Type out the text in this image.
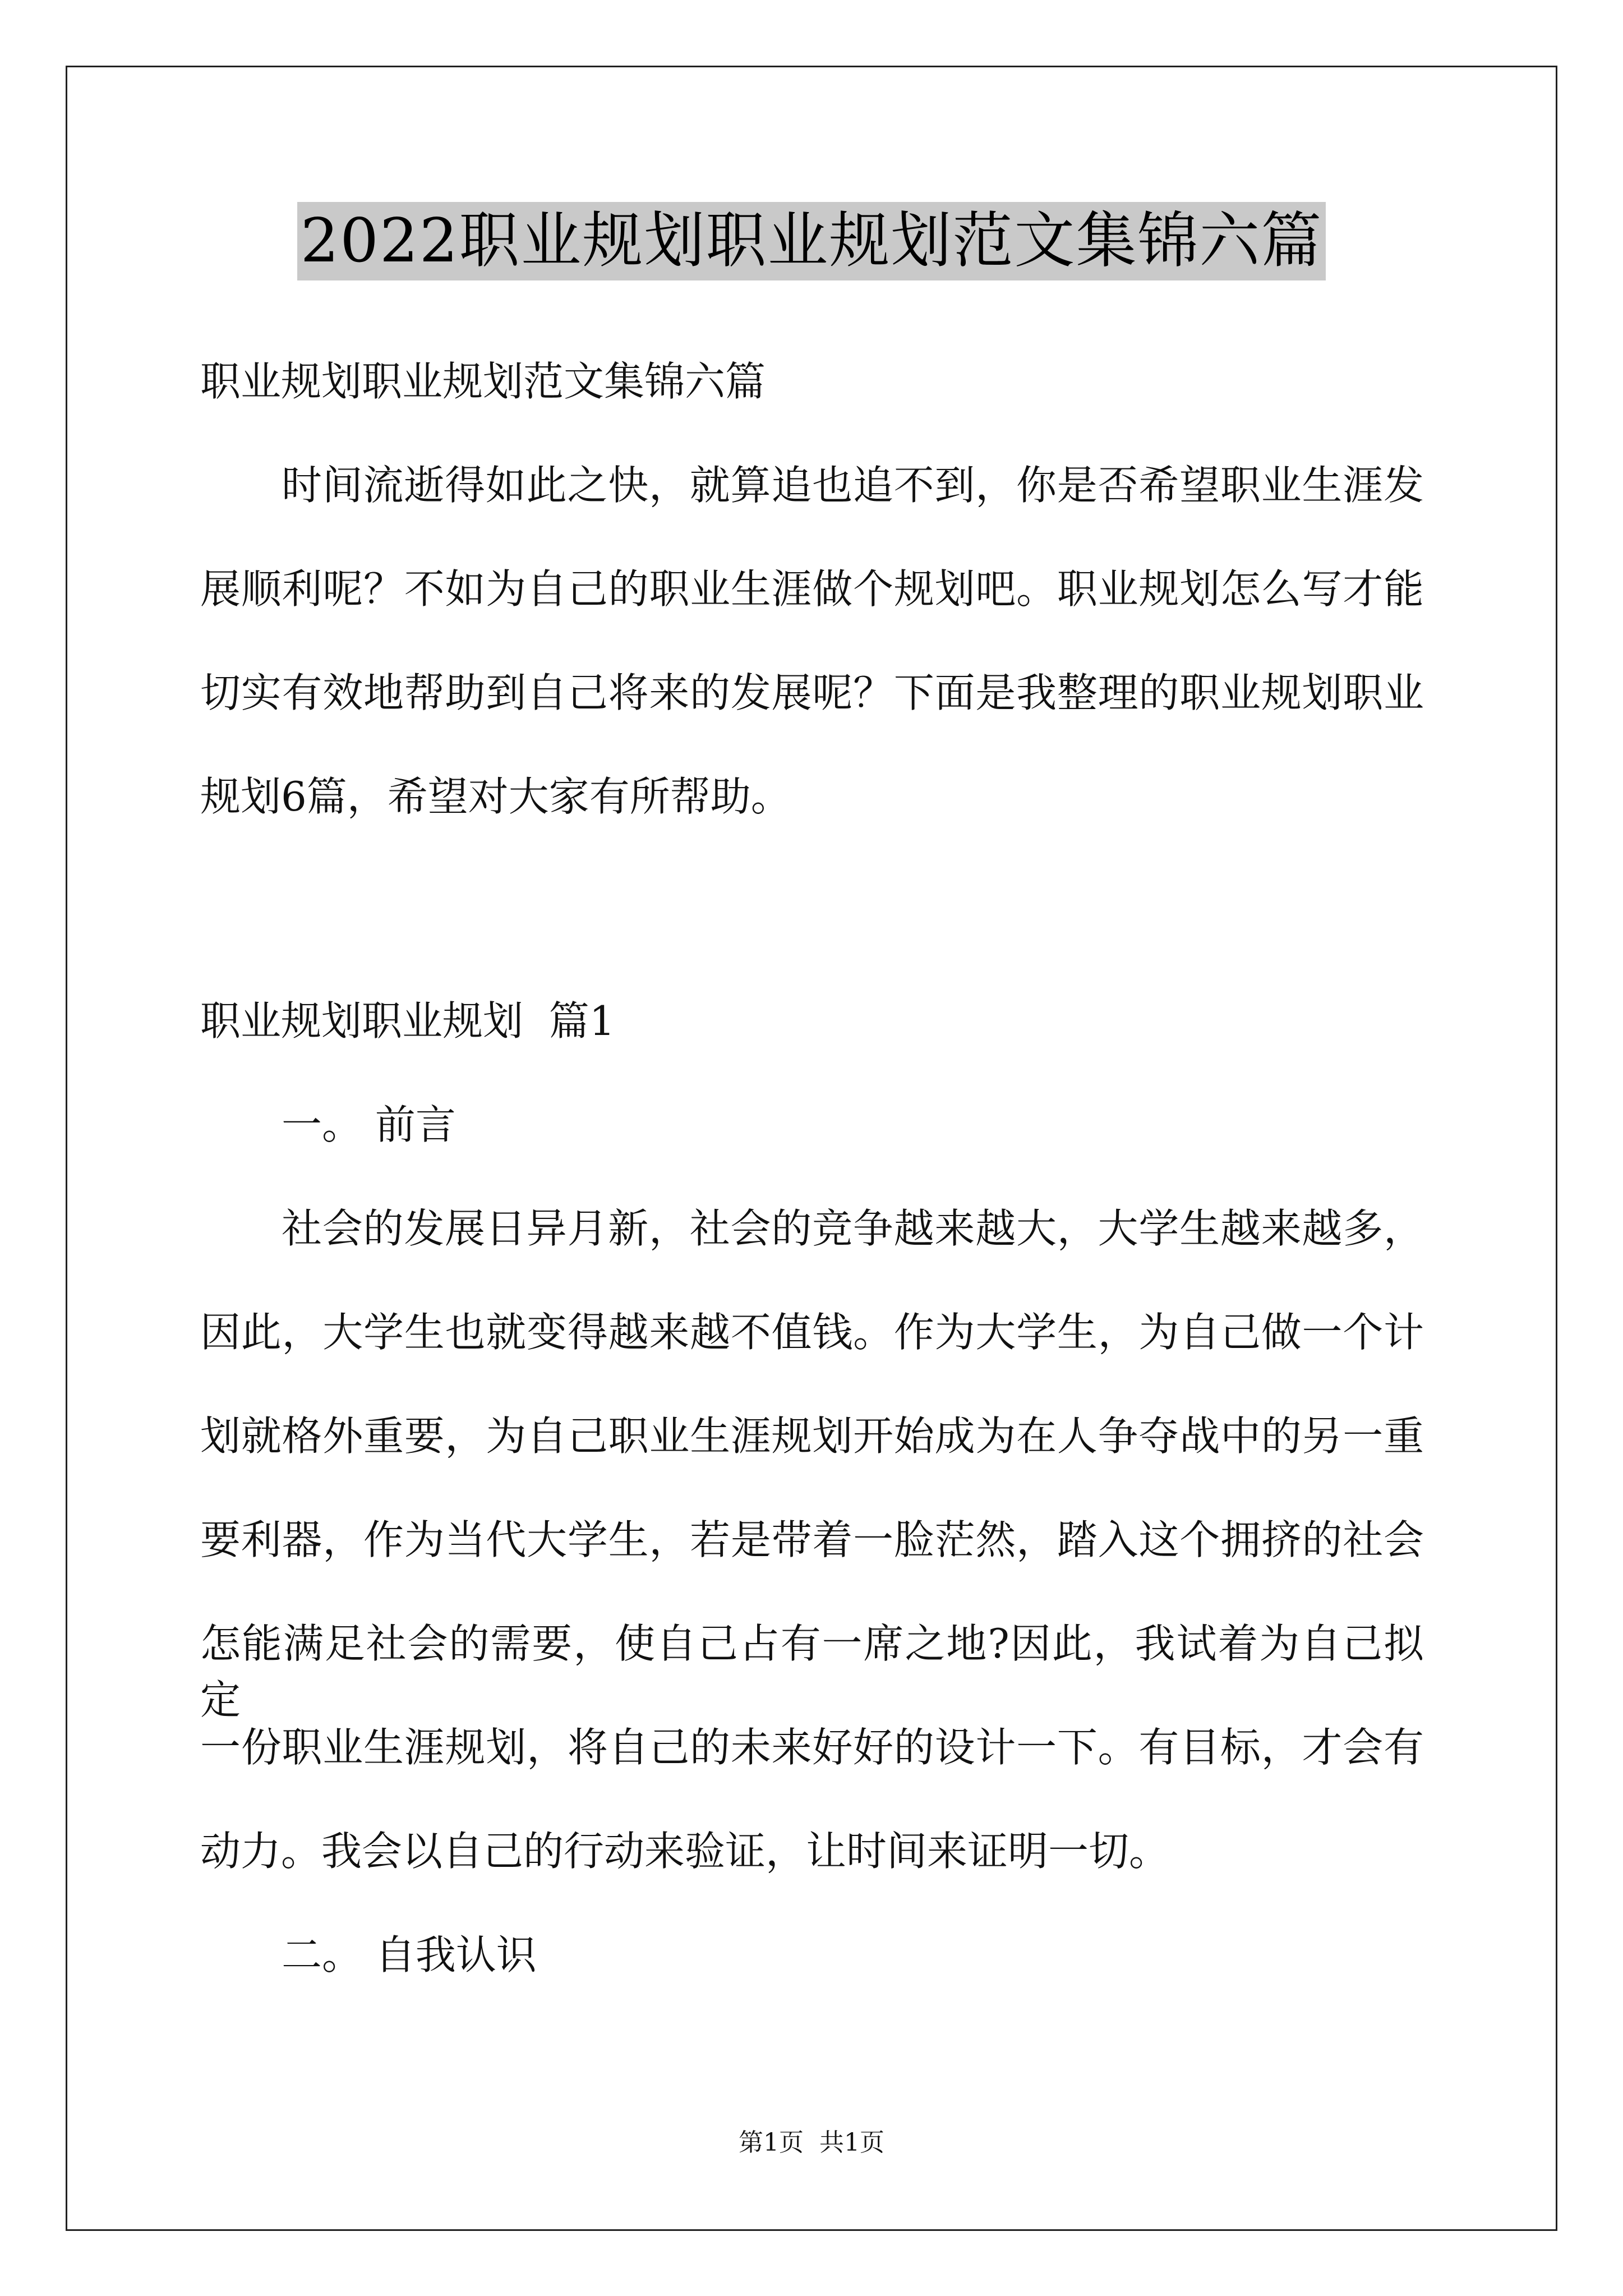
2022职业规划职业规划范文集锦六篇

职业规划职业规划范文集锦六篇

时间流逝得如此之快，就算追也追不到，你是否希望职业生涯发

展顺利呢？不如为自己的职业生涯做个规划吧。职业规划怎么写才能

切实有效地帮助到自己将来的发展呢？下面是我整理的职业规划职业

规划6篇，希望对大家有所帮助。

职业规划职业规划  篇1

一。 前言

社会的发展日异月新，社会的竞争越来越大，大学生越来越多，

因此，大学生也就变得越来越不值钱。作为大学生，为自己做一个计

划就格外重要，为自己职业生涯规划开始成为在人争夺战中的另一重

要利器，作为当代大学生，若是带着一脸茫然，踏入这个拥挤的社会

怎能满足社会的需要，使自己占有一席之地?因此，我试着为自己拟定

一份职业生涯规划，将自己的未来好好的设计一下。有目标，才会有

动力。我会以自己的行动来验证，让时间来证明一切。

二。 自我认识

第1页  共1页
